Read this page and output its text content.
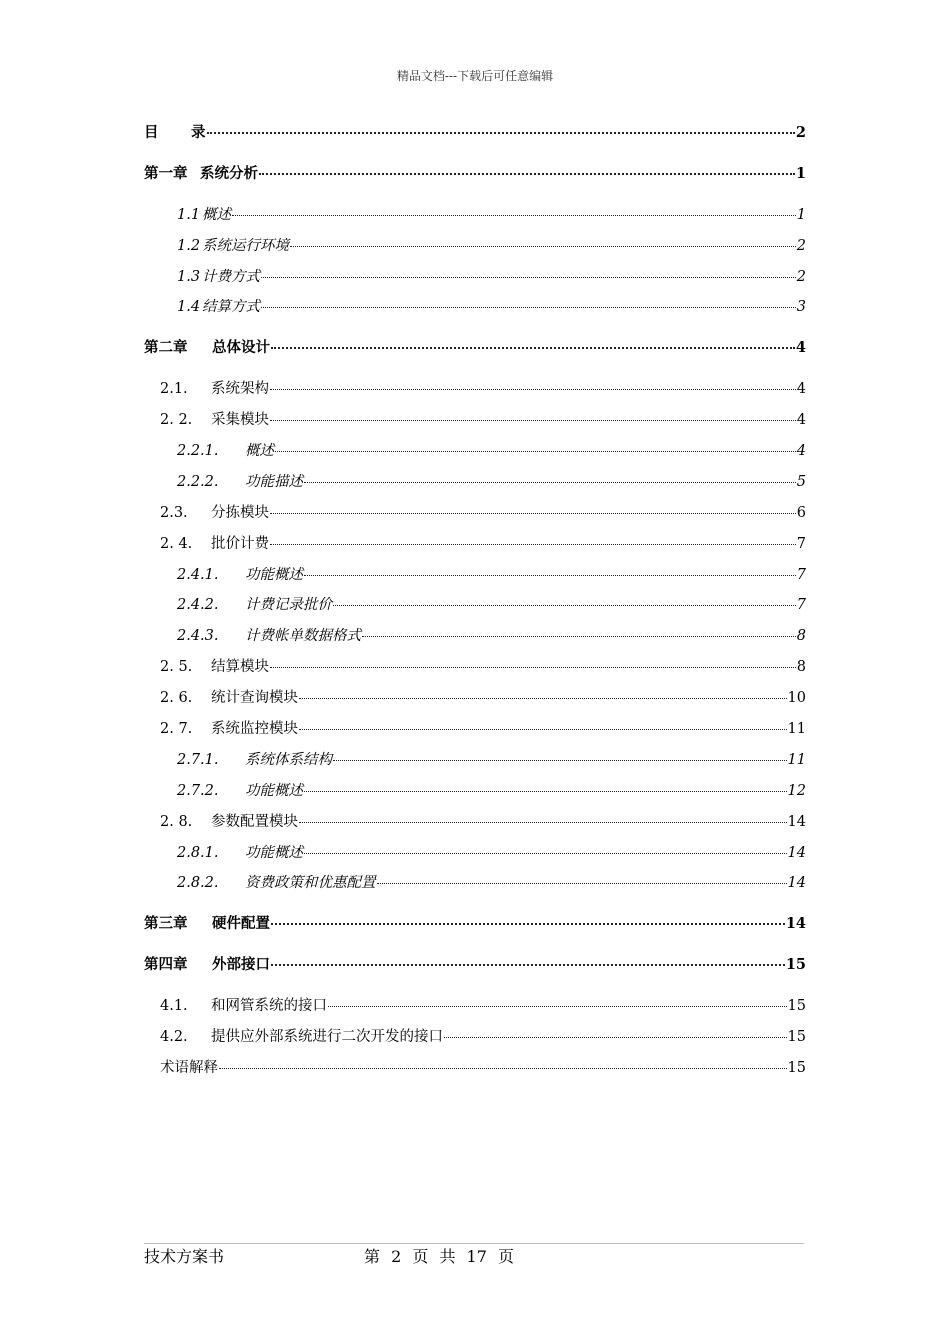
精品文档---下载后可任意编辑
目	录	2
第一章 系统分析	1
1.1 概述	1
1.2 系统运行环境	2
1.3 计费方式	2
1.4 结算方式	3
第二章	总体设计	4
2.1.	系统架构	4
2. 2.	采集模块	4
2.2.1.	概述	4
2.2.2.	功能描述	5
2.3.	分拣模块	6
2. 4.	批价计费	7
2.4.1.	功能概述	7
2.4.2.	计费记录批价	7
2.4.3.	计费帐单数据格式	8
2. 5.	结算模块	8
2. 6.	统计查询模块	10
2. 7.	系统监控模块	11
2.7.1.	系统体系结构	11
2.7.2.	功能概述	12
2. 8.	参数配置模块	14
2.8.1.	功能概述	14
2.8.2.	资费政策和优惠配置	14
第三章	硬件配置	14
第四章	外部接口	15
4.1.	和网管系统的接口	15
4.2.	提供应外部系统进行二次开发的接口	15
术语解释	15
技术方案书	第 2 页 共 17 页
